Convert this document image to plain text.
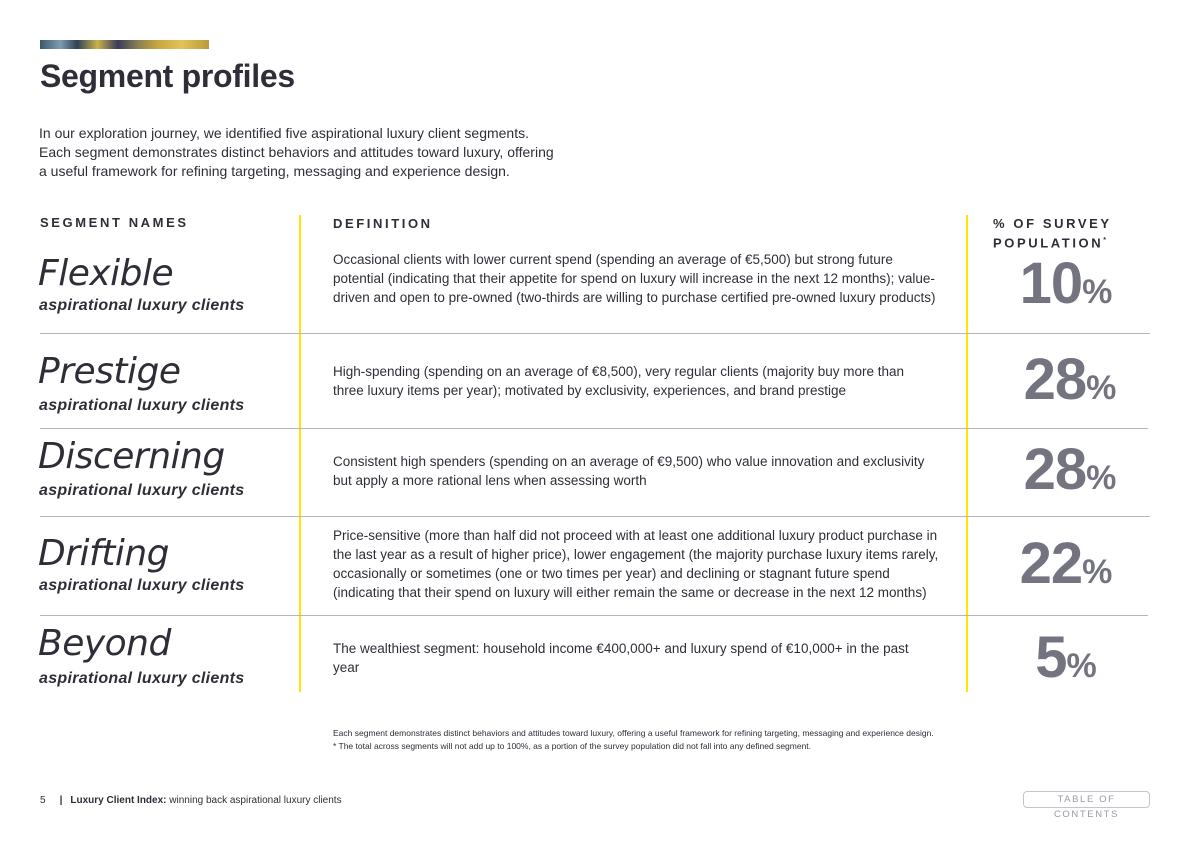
Segment profiles
In our exploration journey, we identified five aspirational luxury client segments.
Each segment demonstrates distinct behaviors and attitudes toward luxury, offering
a useful framework for refining targeting, messaging and experience design.
SEGMENT NAMES	DEFINITION	% OF SURVEY
POPULATION*
Flexible
aspirational luxury clients
Occasional clients with lower current spend (spending an average of €5,500) but strong future potential (indicating that their appetite for spend on luxury will increase in the next 12 months); value-driven and open to pre-owned (two-thirds are willing to purchase certified pre-owned luxury products)	10%
Prestige
aspirational luxury clients
High-spending (spending on an average of €8,500), very regular clients (majority buy more than three luxury items per year); motivated by exclusivity, experiences, and brand prestige	28%
Discerning
aspirational luxury clients
Consistent high spenders (spending on an average of €9,500) who value innovation and exclusivity but apply a more rational lens when assessing worth	28%
Drifting
aspirational luxury clients
Price-sensitive (more than half did not proceed with at least one additional luxury product purchase in the last year as a result of higher price), lower engagement (the majority purchase luxury items rarely, occasionally or sometimes (one or two times per year) and declining or stagnant future spend (indicating that their spend on luxury will either remain the same or decrease in the next 12 months)	22%
Beyond
aspirational luxury clients
The wealthiest segment: household income €400,000+ and luxury spend of €10,000+ in the past year	5%
Each segment demonstrates distinct behaviors and attitudes toward luxury, offering a useful framework for refining targeting, messaging and experience design.
* The total across segments will not add up to 100%, as a portion of the survey population did not fall into any defined segment.
5 | Luxury Client Index: winning back aspirational luxury clients	TABLE OF CONTENTS
